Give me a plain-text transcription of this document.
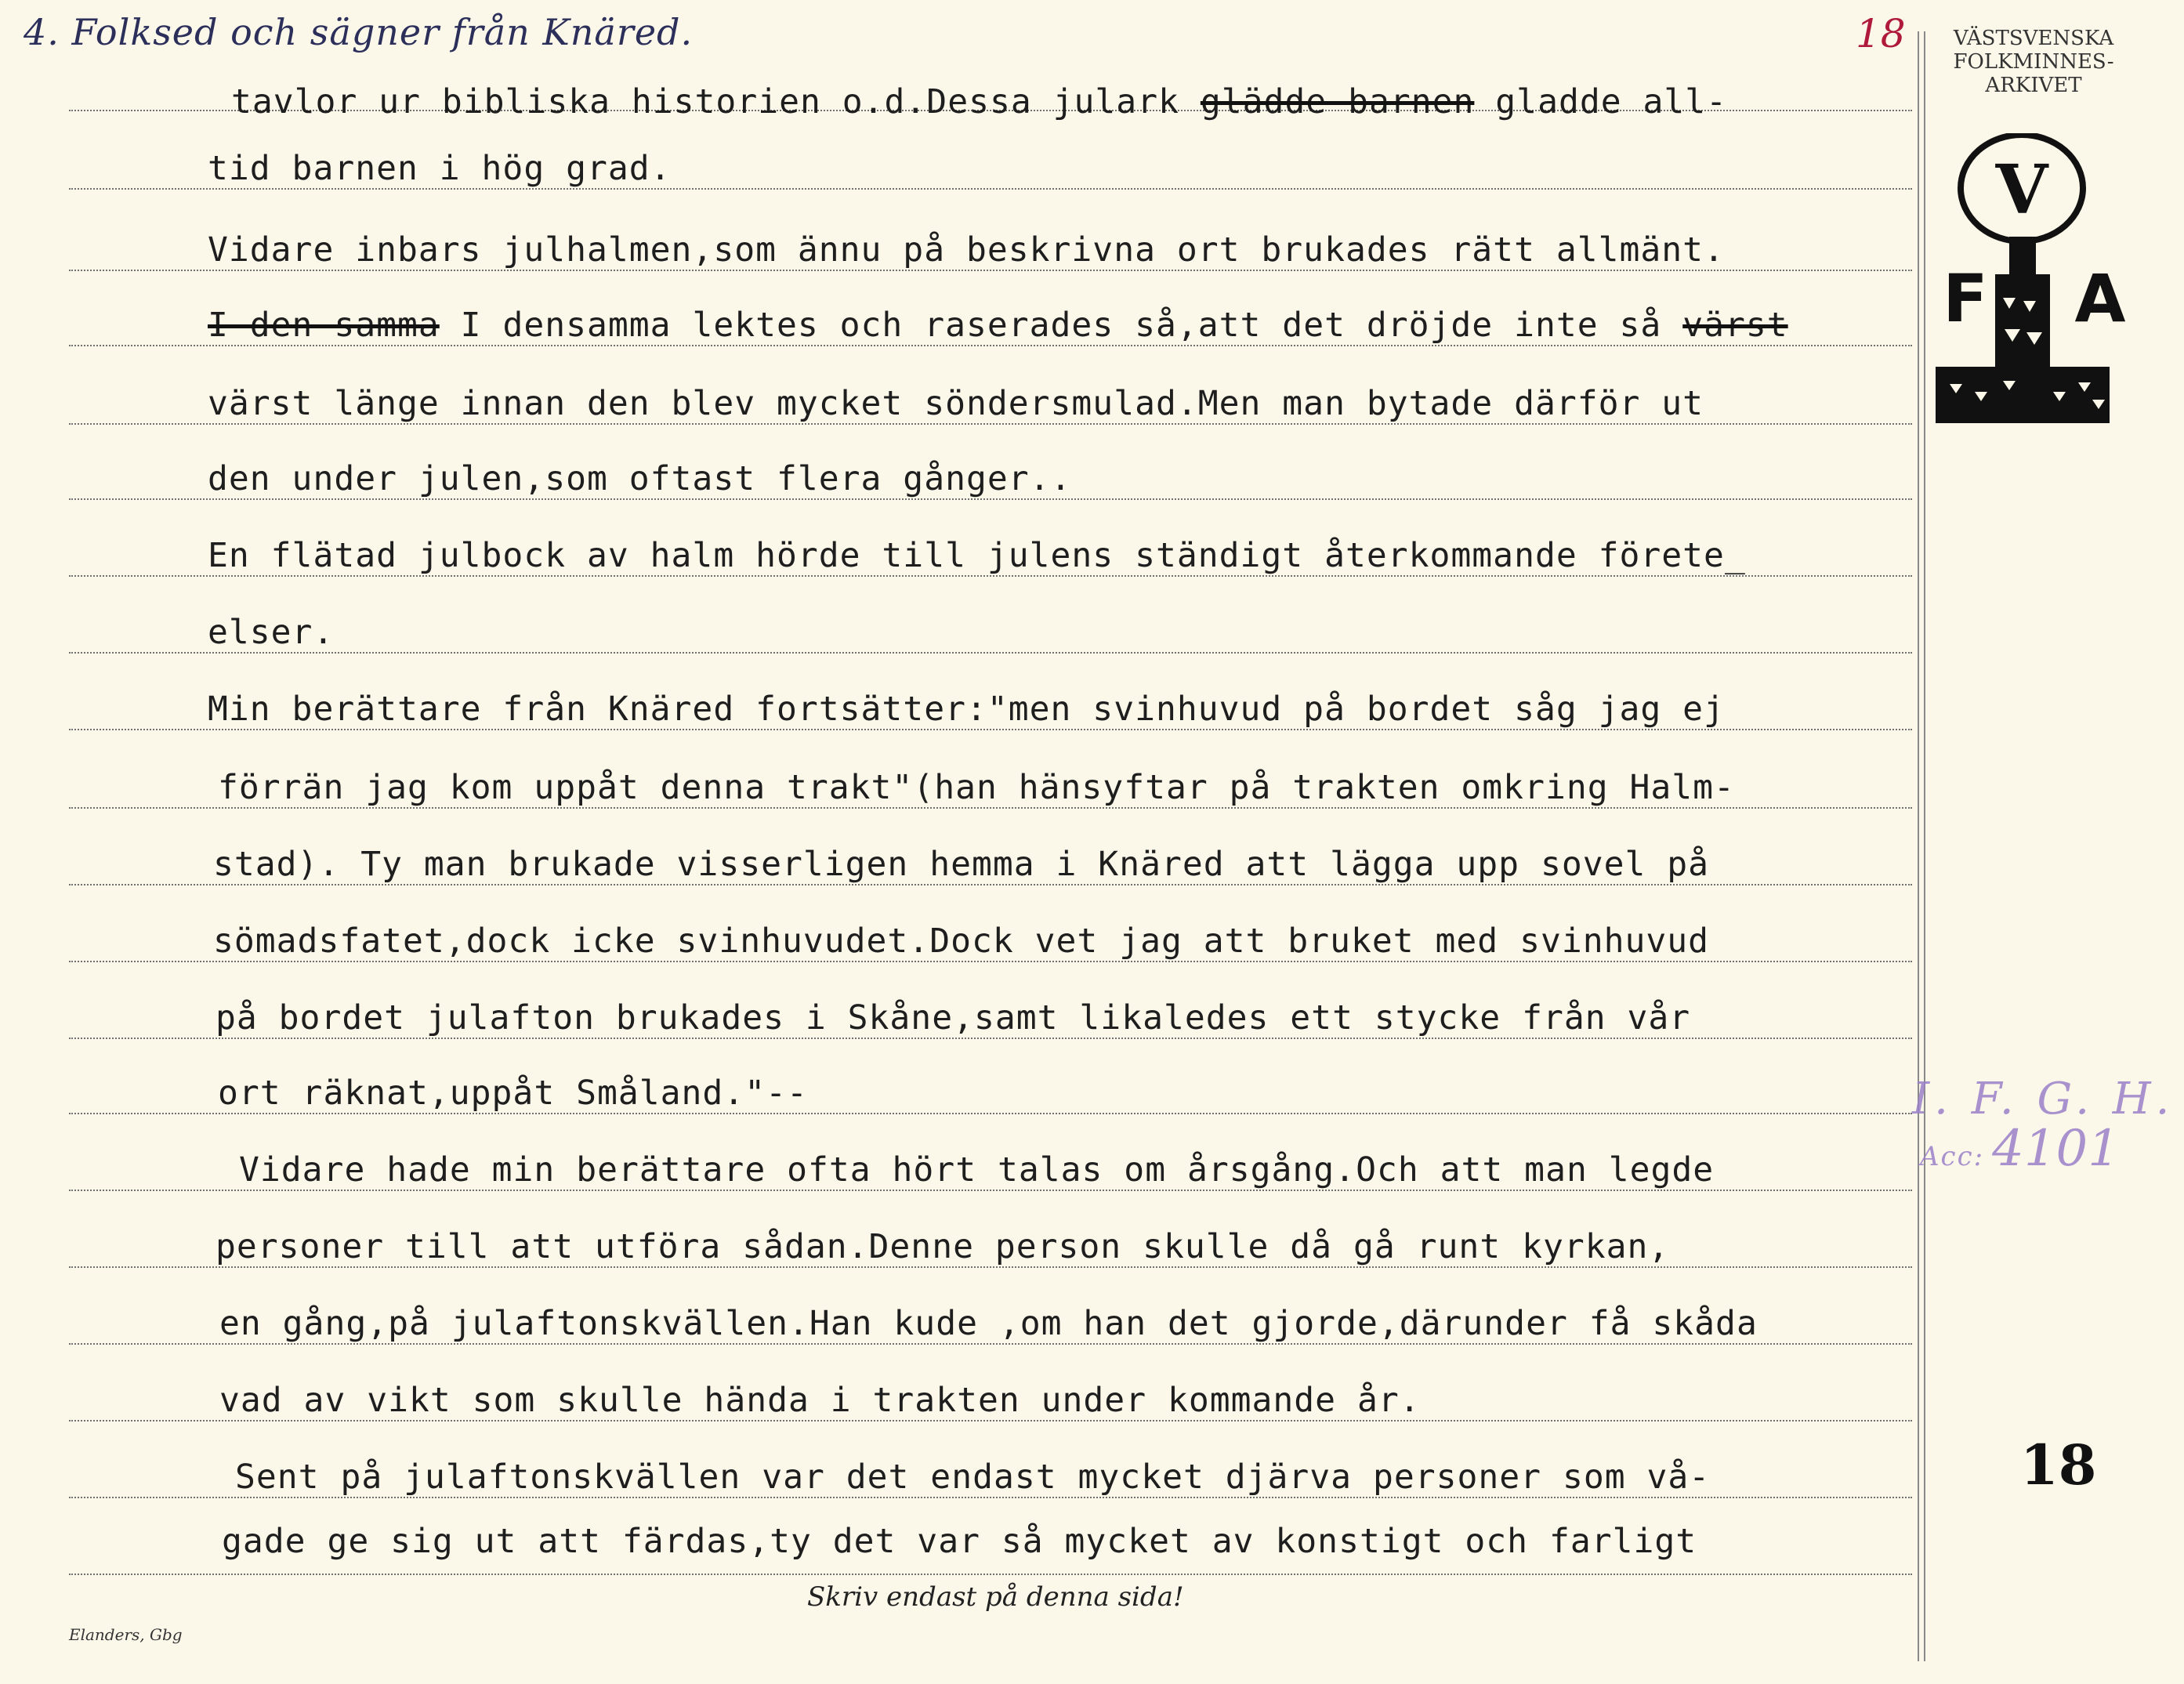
4. Folksed och sägner från Knäred.	18	VÄSTSVENSKA
FOLKMINNES-
ARKIVET
V
F A
I. F. G. H.
Acc: 4101
18
tavlor ur bibliska historien o.d.Dessa julark glädde barnen gladde all-
tid barnen i hög grad.
Vidare inbars julhalmen,som ännu på beskrivna ort brukades rätt allmänt.
I den samma I densamma lektes och raserades så,att det dröjde inte så värst
värst länge innan den blev mycket söndersmulad.Men man bytade därför ut
den under julen,som oftast flera gånger..
En flätad julbock av halm hörde till julens ständigt återkommande förete_
elser.
Min berättare från Knäred fortsätter:"men svinhuvud på bordet såg jag ej
förrän jag kom uppåt denna trakt"(han hänsyftar på trakten omkring Halm-
stad). Ty man brukade visserligen hemma i Knäred att lägga upp sovel på
sömadsfatet,dock icke svinhuvudet.Dock vet jag att bruket med svinhuvud
på bordet julafton brukades i Skåne,samt likaledes ett stycke från vår
ort räknat,uppåt Småland."--
Vidare hade min berättare ofta hört talas om årsgång.Och att man legde
personer till att utföra sådan.Denne person skulle då gå runt kyrkan,
en gång,på julaftonskvällen.Han kude ,om han det gjorde,därunder få skåda
vad av vikt som skulle hända i trakten under kommande år.
Sent på julaftonskvällen var det endast mycket djärva personer som vå-
gade ge sig ut att färdas,ty det var så mycket av konstigt och farligt
Skriv endast på denna sida!
Elanders, Gbg
